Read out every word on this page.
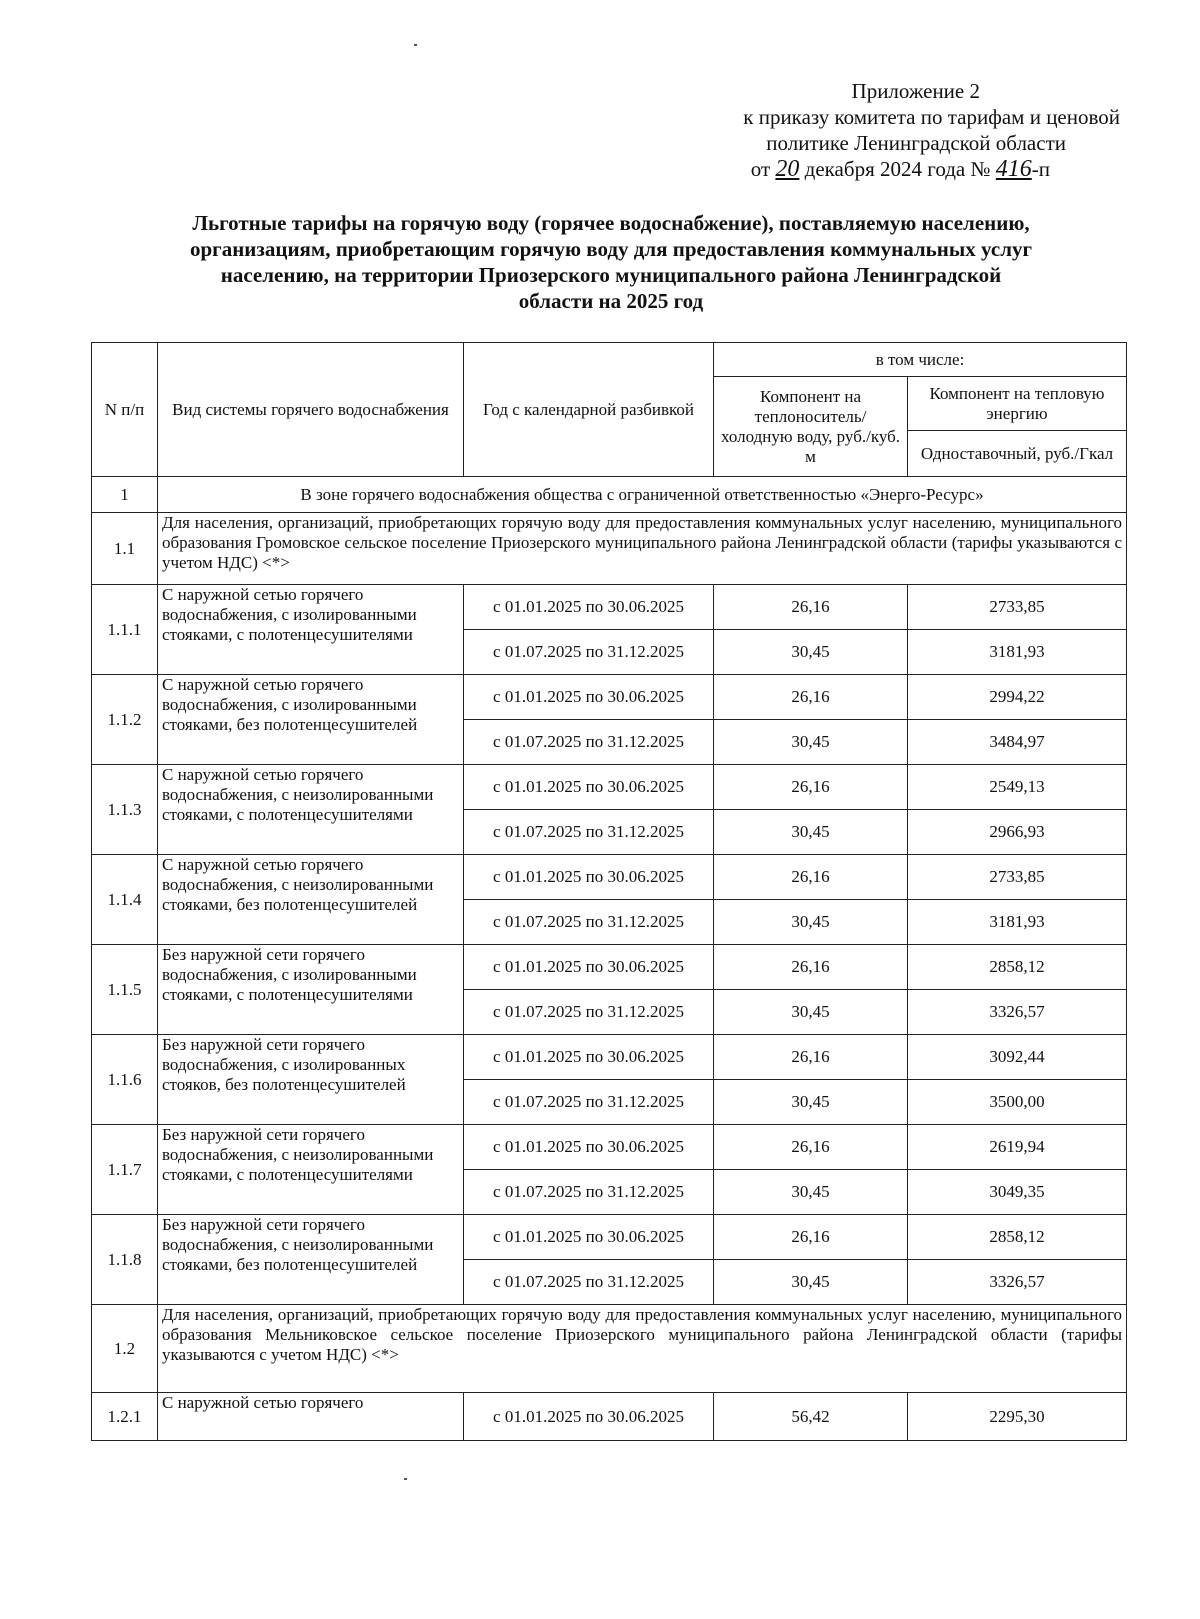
Приложение 2
к приказу комитета по тарифам и ценовой
политике Ленинградской области
от 20 декабря 2024 года № 416-п
Льготные тарифы на горячую воду (горячее водоснабжение), поставляемую населению,
организациям, приобретающим горячую воду для предоставления коммунальных услуг
населению, на территории Приозерского муниципального района Ленинградской
области на 2025 год
N п/п	Вид системы горячего водоснабжения	Год с календарной разбивкой	в том числе:	
			Компонент на теплоноситель/ холодную воду, руб./куб. м	Компонент на тепловую энергию
				Одноставочный, руб./Гкал
1	В зоне горячего водоснабжения общества с ограниченной ответственностью «Энерго-Ресурс»			
1.1	Для населения, организаций, приобретающих горячую воду для предоставления коммунальных услуг населению, муниципального образования Громовское сельское поселение Приозерского муниципального района Ленинградской области (тарифы указываются с учетом НДС) <*>			
1.1.1	С наружной сетью горячего водоснабжения, с изолированными стояками, с полотенцесушителями	с 01.01.2025 по 30.06.2025	26,16	2733,85
		с 01.07.2025 по 31.12.2025	30,45	3181,93
1.1.2	С наружной сетью горячего водоснабжения, с изолированными стояками, без полотенцесушителей	с 01.01.2025 по 30.06.2025	26,16	2994,22
		с 01.07.2025 по 31.12.2025	30,45	3484,97
1.1.3	С наружной сетью горячего водоснабжения, с неизолированными стояками, с полотенцесушителями	с 01.01.2025 по 30.06.2025	26,16	2549,13
		с 01.07.2025 по 31.12.2025	30,45	2966,93
1.1.4	С наружной сетью горячего водоснабжения, с неизолированными стояками, без полотенцесушителей	с 01.01.2025 по 30.06.2025	26,16	2733,85
		с 01.07.2025 по 31.12.2025	30,45	3181,93
1.1.5	Без наружной сети горячего водоснабжения, с изолированными стояками, с полотенцесушителями	с 01.01.2025 по 30.06.2025	26,16	2858,12
		с 01.07.2025 по 31.12.2025	30,45	3326,57
1.1.6	Без наружной сети горячего водоснабжения, с изолированных стояков, без полотенцесушителей	с 01.01.2025 по 30.06.2025	26,16	3092,44
		с 01.07.2025 по 31.12.2025	30,45	3500,00
1.1.7	Без наружной сети горячего водоснабжения, с неизолированными стояками, с полотенцесушителями	с 01.01.2025 по 30.06.2025	26,16	2619,94
		с 01.07.2025 по 31.12.2025	30,45	3049,35
1.1.8	Без наружной сети горячего водоснабжения, с неизолированными стояками, без полотенцесушителей	с 01.01.2025 по 30.06.2025	26,16	2858,12
		с 01.07.2025 по 31.12.2025	30,45	3326,57
1.2	Для населения, организаций, приобретающих горячую воду для предоставления коммунальных услуг населению, муниципального образования Мельниковское сельское поселение Приозерского муниципального района Ленинградской области (тарифы указываются с учетом НДС) <*>			
1.2.1	С наружной сетью горячего	с 01.01.2025 по 30.06.2025	56,42	2295,30
